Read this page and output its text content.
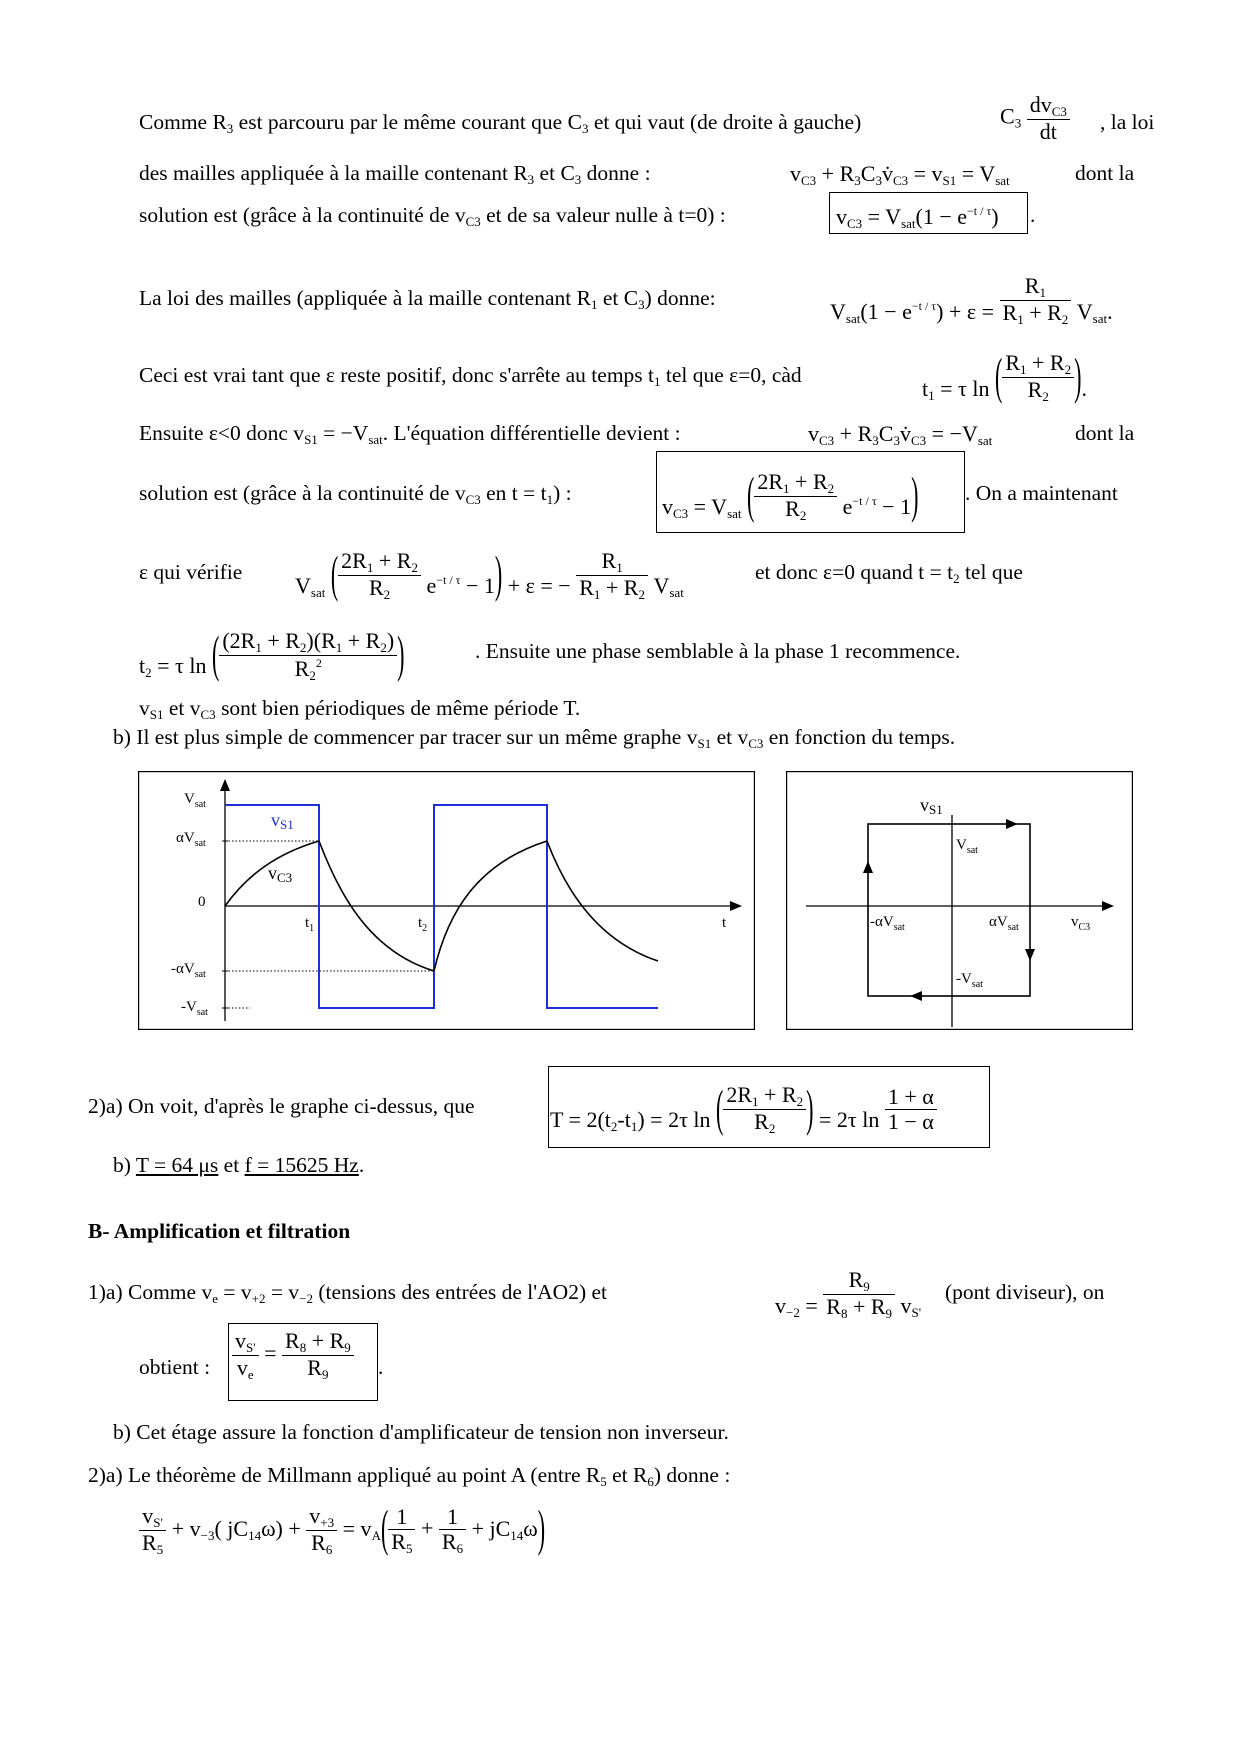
Comme $R_3$ est parcouru par le même courant que $C_3$ et qui vaut (de droite à gauche)	$C_3 \frac{dv_{C3}}{dt}$ , la loi
des mailles appliquée à la maille contenant $R_3$ et $C_3$ donne :	$v_{C3}$ + $R_3C_3v̇_{C3} = v_{S1} = V_{sat}$	dont la
solution est (grâce à la continuité de $v_{C3}$ et de sa valeur nulle à t=0) :	$v_{C3} = V_{sat}(1 - e^{-t / \tau})$ .
La loi des mailles (appliquée à la maille contenant $R_1$ et $C_3$) donne:
$V_{sat}(1 - e^{-t / \tau}) + \varepsilon = \frac{R_1}{R_1 + R_2} V_{sat}$.
Ceci est vrai tant que ε reste positif, donc s'arrête au temps $t_1$ tel que ε=0, càd
$t_1 = \tau$ ln ( $\frac{R_1 + R_2}{R_2}$ ).
Ensuite ε<0 donc $v_{S1} = -V_{sat}$. L'équation différentielle devient :	$v_{C3}$ + $R_3C_3v̇_{C3} = -V_{sat}$	dont la
solution est (grâce à la continuité de $v_{C3}$ en $t = t_1$) :
$v_{C3} = V_{sat}$ ( $\frac{2R_1 + R_2}{R_2} e^{-t / \tau} - 1$) . On a maintenant
ε qui vérifie
$V_{sat}$ ( $\frac{2R_1 + R_2}{R_2} e^{-t / \tau} - 1) + \varepsilon$ = − $\frac{R_1}{R_1 + R_2} V_{sat}$
et donc ε=0 quand $t = t_2$ tel que
$t_2 = \tau$ ln ( $\frac{(2R_1 + R_2)(R_1 + R_2)}{R_2^2}$ )	. Ensuite une phase semblable à la phase 1 recommence.
$v_{S1}$ et $v_{C3}$ sont bien périodiques de même période T.
b) Il est plus simple de commencer par tracer sur un même graphe $v_{S1}$ et $v_{C3}$ en fonction du temps.
$V_{sat}$
$\alpha V_{sat}$
0
$-\alpha V_{sat}$
$-V_{sat}$
vS1
vC3
$t_1$	$t_2$	t
vS1
$V_{sat}$
$-\alpha V_{sat}$	$\alpha V_{sat}$	$v_{C3}$
$-V_{sat}$
2)a) On voit, d'après le graphe ci-dessus, que
$T = 2(t_2-t_1) = 2\tau$ ln ( $\frac{2R_1 + R_2}{R_2}$ ) = 2τ $\ln \frac{1 + \alpha}{1 - \alpha}$
b) T = 64 μs et f = 15625 Hz.
B- Amplification et filtration
1)a) Comme $v_e = v_{+2} = v_{-2}$ (tensions des entrées de l'AO2) et
$v_{-2} = \frac{R_9}{R_8 + R_9} v_{S'}$
(pont diviseur), on
obtient : $\frac{v_{S'}}{v_e} = \frac{R_8 + R_9}{R_9}$ .
b) Cet étage assure la fonction d'amplificateur de tension non inverseur.
2)a) Le théorème de Millmann appliqué au point A (entre $R_5$ et $R_6$) donne :
$\frac{v_{S'}}{R_5} + v_{-3}$( $jC_{14}\omega) + \frac{v_{+3}}{R_6} = v_A( \frac{1}{R_5} + \frac{1}{R_6} + jC_{14}\omega)$
